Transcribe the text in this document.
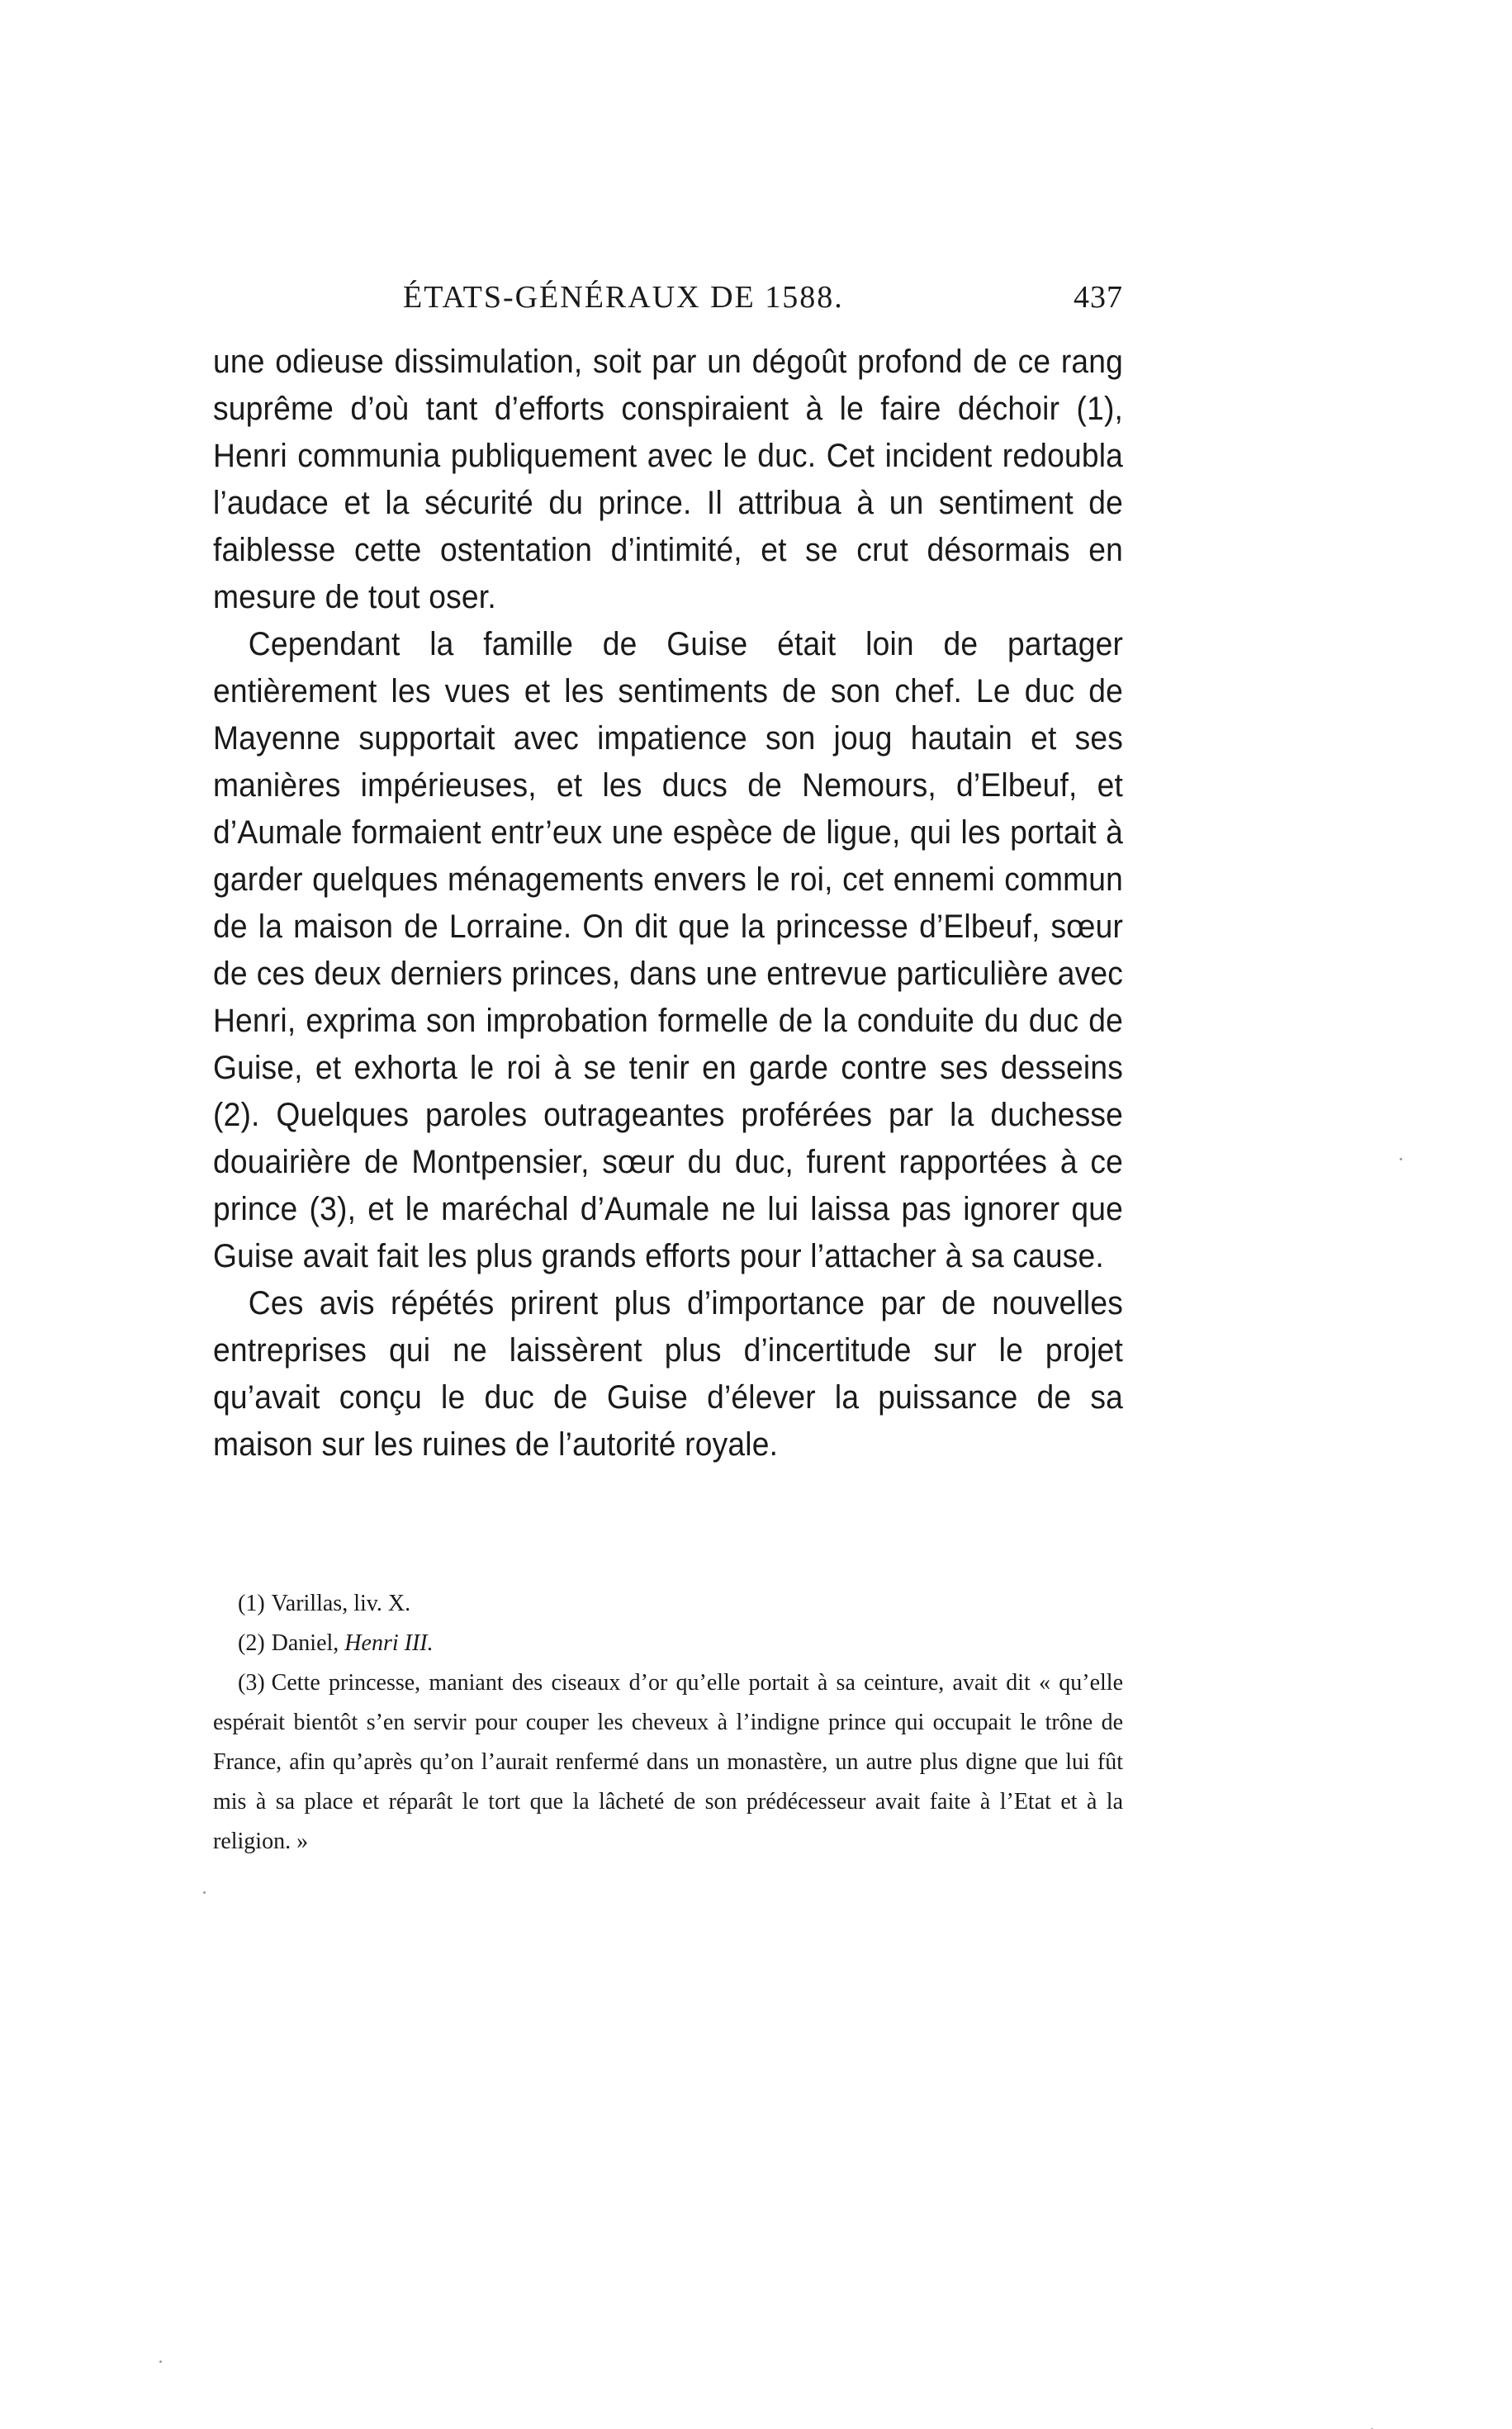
ÉTATS-GÉNÉRAUX DE 1588.	437

une odieuse dissimulation, soit par un dégoût profond de ce rang suprême d’où tant d’efforts conspiraient à le faire déchoir (1), Henri communia publiquement avec le duc. Cet incident redoubla l’audace et la sécurité du prince. Il attribua à un sentiment de faiblesse cette ostentation d’intimité, et se crut désormais en mesure de tout oser.

Cependant la famille de Guise était loin de partager entièrement les vues et les sentiments de son chef. Le duc de Mayenne supportait avec impatience son joug hautain et ses manières impérieuses, et les ducs de Nemours, d’Elbeuf, et d’Aumale formaient entr’eux une espèce de ligue, qui les portait à garder quelques ménagements envers le roi, cet ennemi commun de la maison de Lorraine. On dit que la princesse d’Elbeuf, sœur de ces deux derniers princes, dans une entrevue particulière avec Henri, exprima son improbation formelle de la conduite du duc de Guise, et exhorta le roi à se tenir en garde contre ses desseins (2). Quelques paroles outrageantes proférées par la duchesse douairière de Montpensier, sœur du duc, furent rapportées à ce prince (3), et le maréchal d’Aumale ne lui laissa pas ignorer que Guise avait fait les plus grands efforts pour l’attacher à sa cause.

Ces avis répétés prirent plus d’importance par de nouvelles entreprises qui ne laissèrent plus d’incertitude sur le projet qu’avait conçu le duc de Guise d’élever la puissance de sa maison sur les ruines de l’autorité royale.

(1) Varillas, liv. X.

(2) Daniel, Henri III.

(3) Cette princesse, maniant des ciseaux d’or qu’elle portait à sa ceinture, avait dit « qu’elle espérait bientôt s’en servir pour couper les cheveux à l’indigne prince qui occupait le trône de France, afin qu’après qu’on l’aurait renfermé dans un monastère, un autre plus digne que lui fût mis à sa place et réparât le tort que la lâcheté de son prédécesseur avait faite à l’Etat et à la religion. »
